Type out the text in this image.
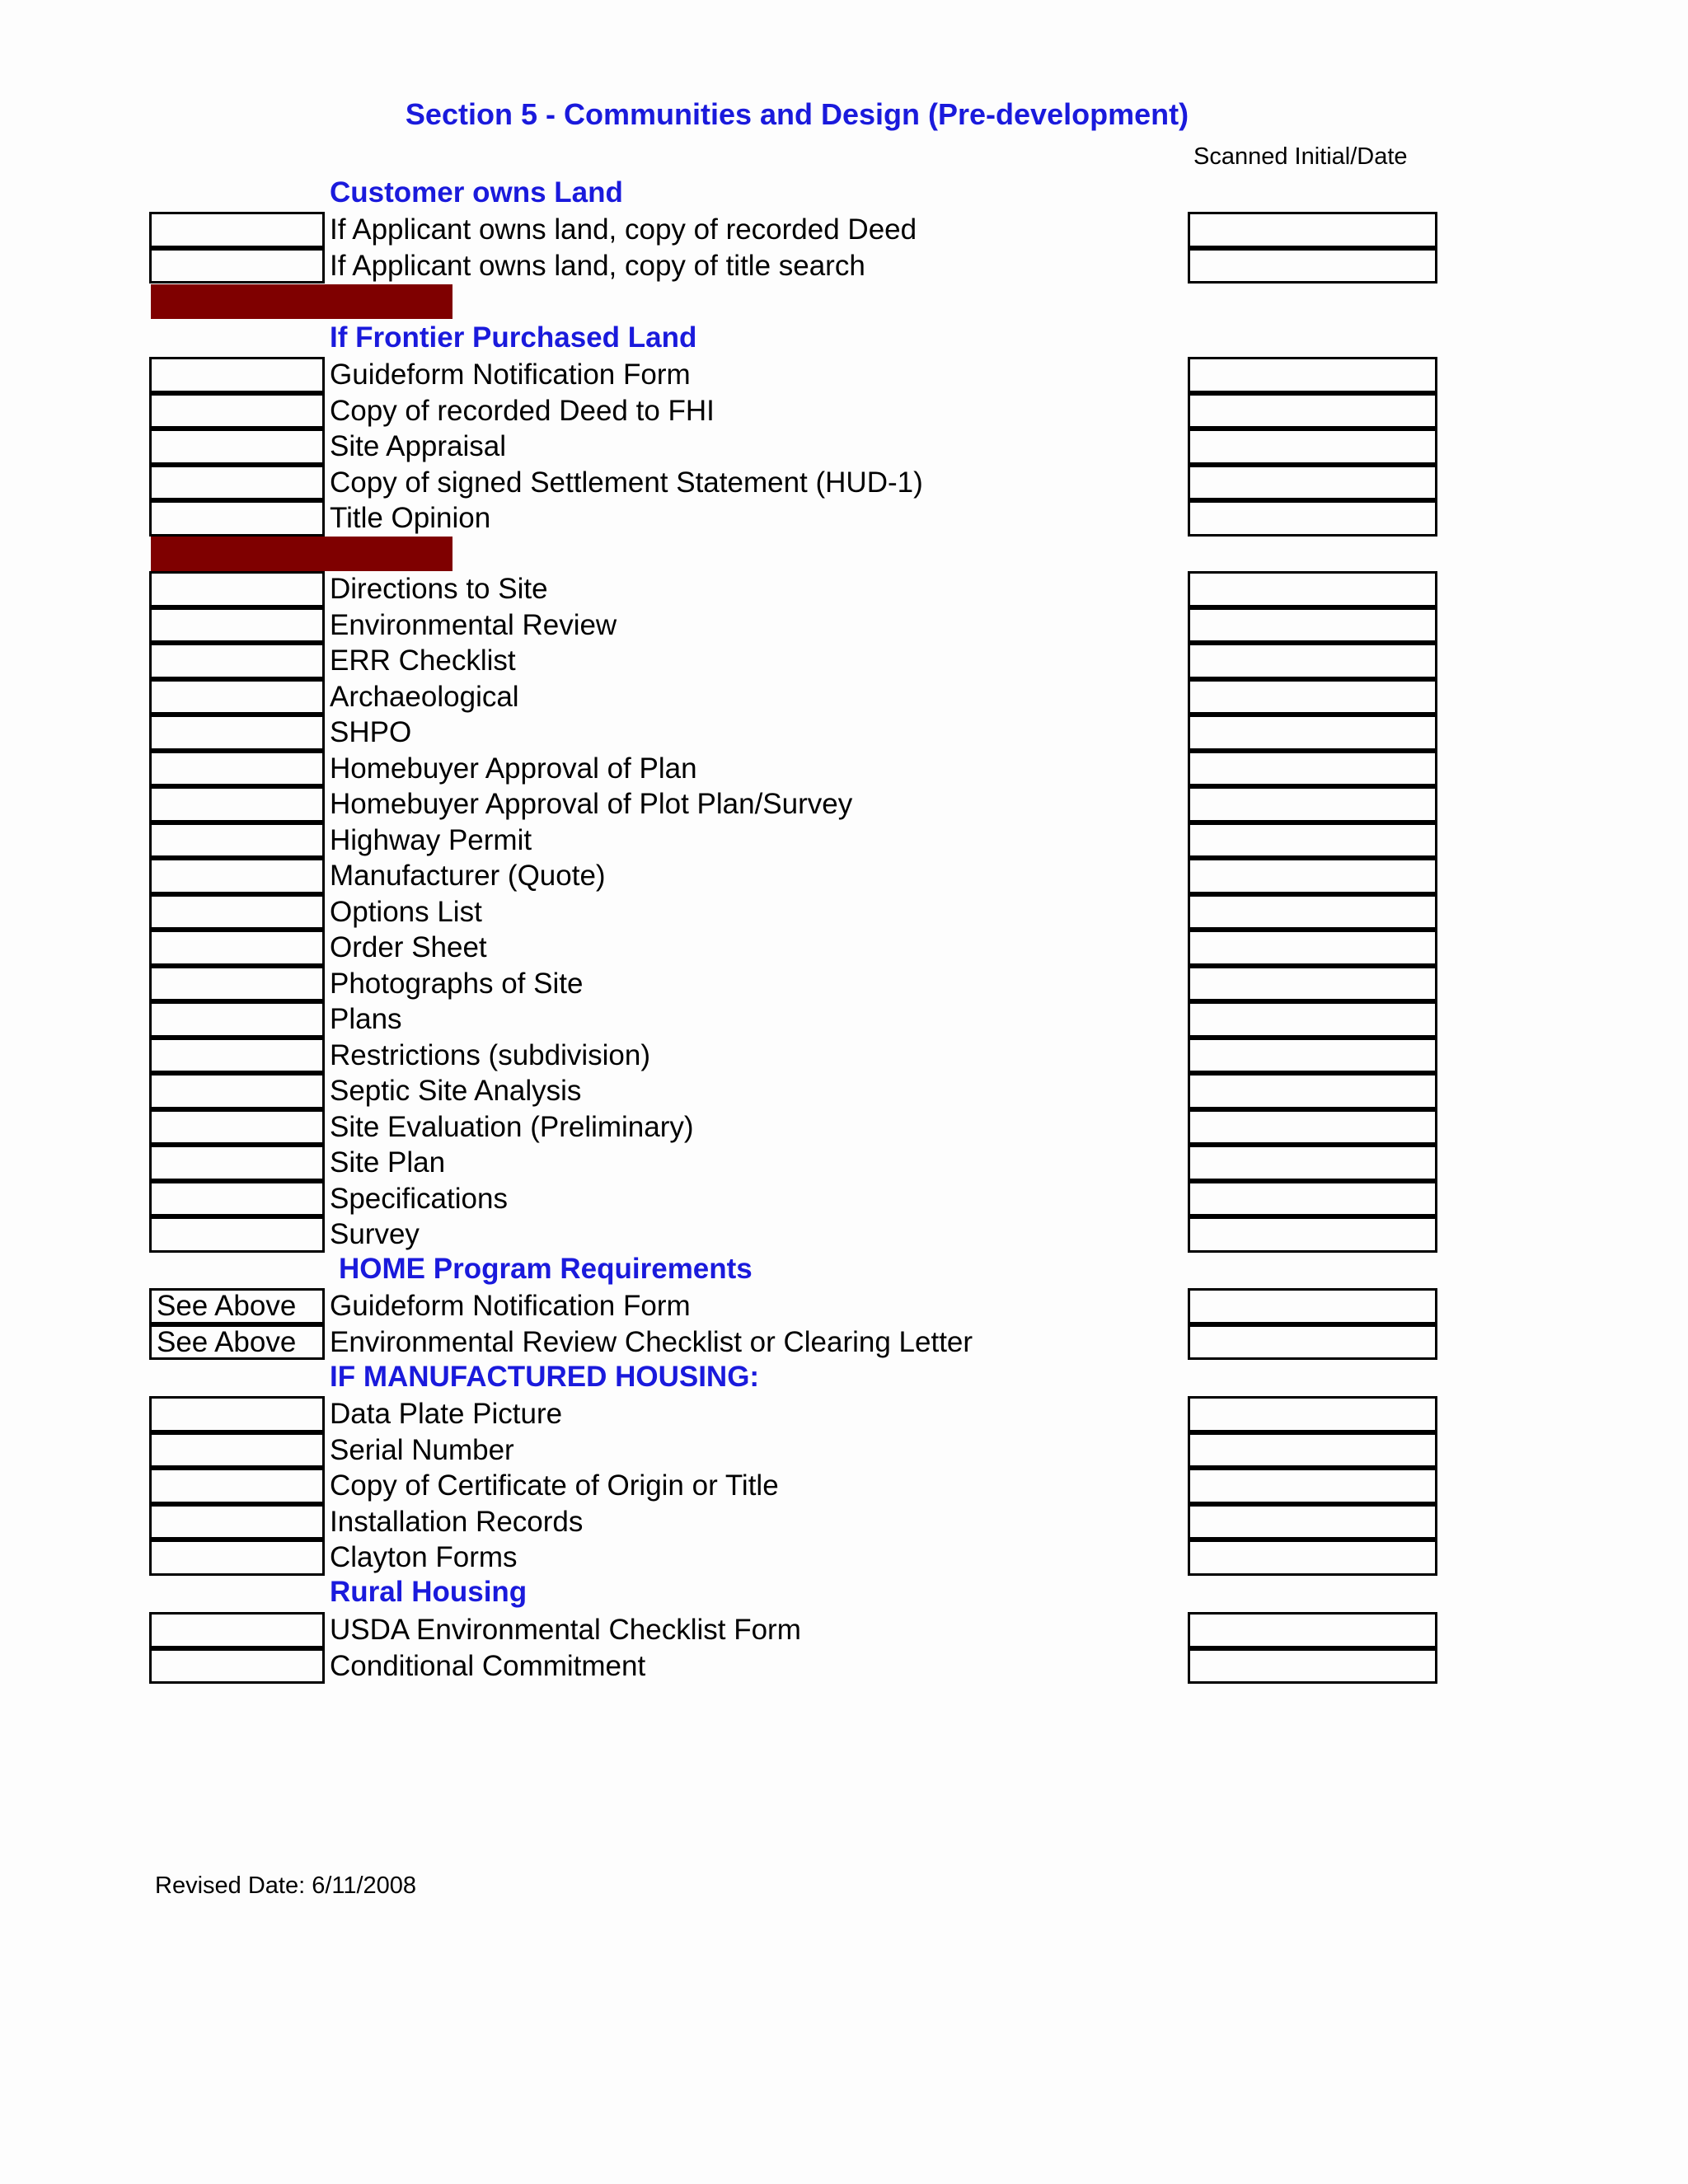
Section 5 - Communities and Design (Pre-development)
Scanned Initial/Date
Customer owns Land
If Applicant owns land, copy of recorded Deed
If Applicant owns land, copy of title search
If Frontier Purchased Land
Guideform Notification Form
Copy of recorded Deed to FHI
Site Appraisal
Copy of signed Settlement Statement (HUD-1)
Title Opinion
Directions to Site
Environmental Review
ERR Checklist
Archaeological
SHPO
Homebuyer Approval of Plan
Homebuyer Approval of Plot Plan/Survey
Highway Permit
Manufacturer (Quote)
Options List
Order Sheet
Photographs of Site
Plans
Restrictions (subdivision)
Septic Site Analysis
Site Evaluation (Preliminary)
Site Plan
Specifications
Survey
HOME Program Requirements
See Above	Guideform Notification Form
See Above	Environmental Review Checklist or Clearing Letter
IF MANUFACTURED HOUSING:
Data Plate Picture
Serial Number
Copy of Certificate of Origin or Title
Installation Records
Clayton Forms
Rural Housing
USDA Environmental Checklist Form
Conditional Commitment
Revised Date: 6/11/2008
